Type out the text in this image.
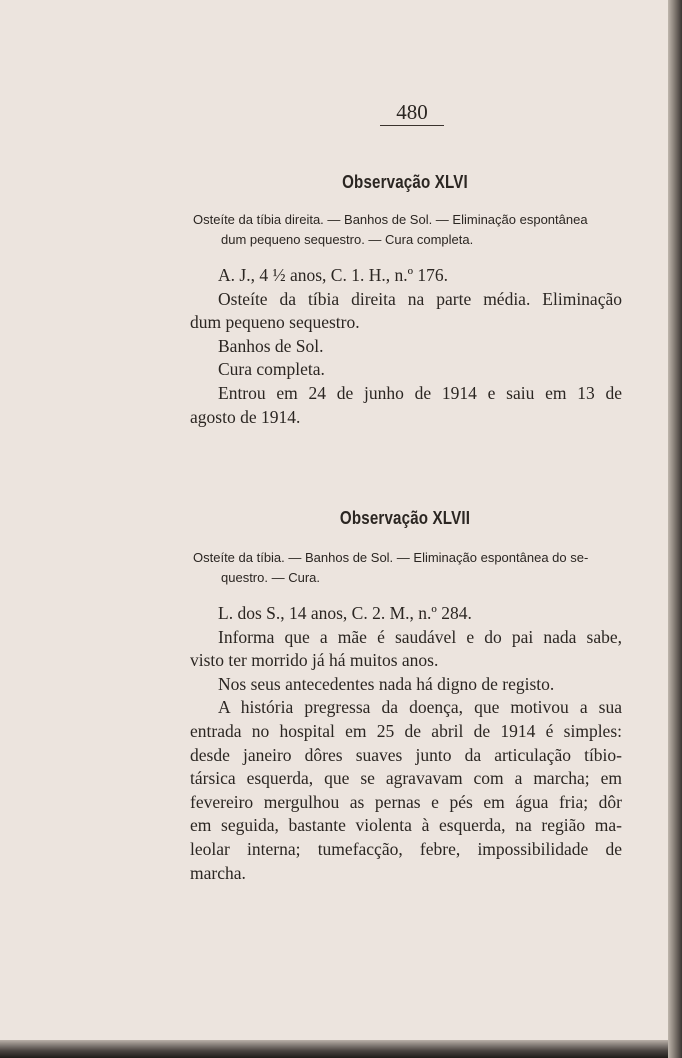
480
Observação XLVI
Osteíte da tíbia direita. — Banhos de Sol. — Eliminação espontânea
dum pequeno sequestro. — Cura completa.
A. J., 4 ½ anos, C. 1. H., n.º 176.
Osteíte da tíbia direita na parte média. Eliminação
dum pequeno sequestro.
Banhos de Sol.
Cura completa.
Entrou em 24 de junho de 1914 e saiu em 13 de
agosto de 1914.
Observação XLVII
Osteíte da tíbia. — Banhos de Sol. — Eliminação espontânea do se-
questro. — Cura.
L. dos S., 14 anos, C. 2. M., n.º 284.
Informa que a mãe é saudável e do pai nada sabe,
visto ter morrido já há muitos anos.
Nos seus antecedentes nada há digno de registo.
A história pregressa da doença, que motivou a sua
entrada no hospital em 25 de abril de 1914 é simples:
desde janeiro dôres suaves junto da articulação tíbio-
társica esquerda, que se agravavam com a marcha; em
fevereiro mergulhou as pernas e pés em água fria; dôr
em seguida, bastante violenta à esquerda, na região ma-
leolar interna; tumefacção, febre, impossibilidade de
marcha.
